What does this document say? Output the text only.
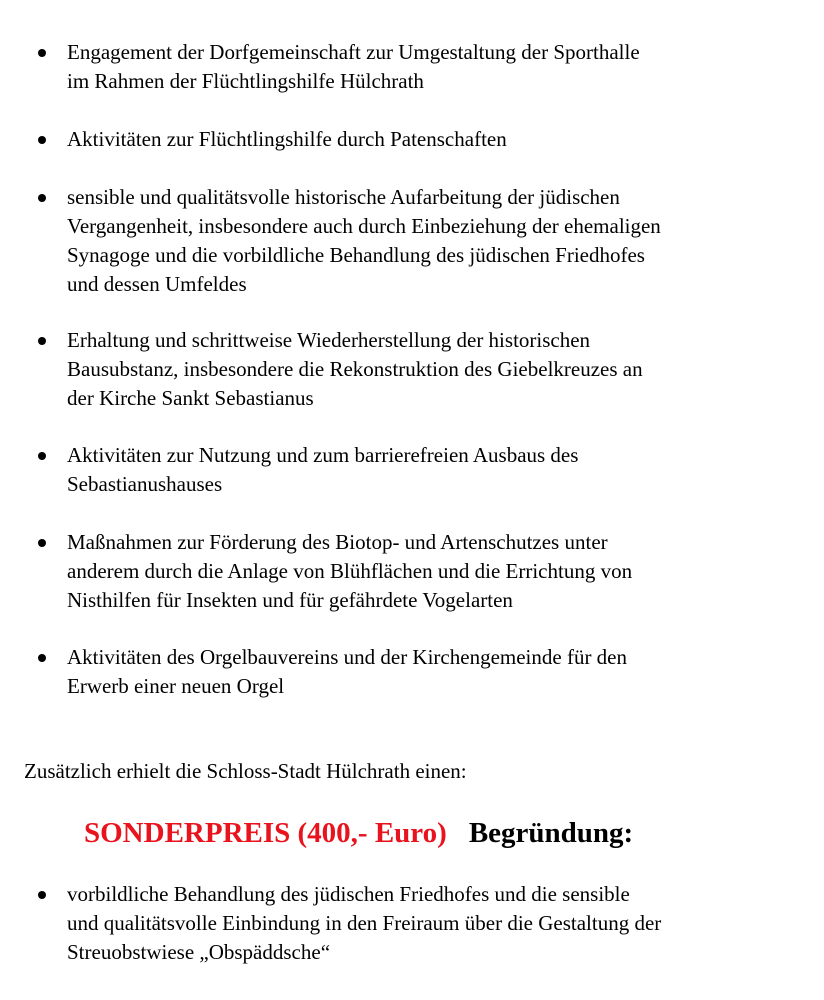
Engagement der Dorfgemeinschaft zur Umgestaltung der Sporthalle
im Rahmen der Flüchtlingshilfe Hülchrath
Aktivitäten zur Flüchtlingshilfe durch Patenschaften
sensible und qualitätsvolle historische Aufarbeitung der jüdischen
Vergangenheit, insbesondere auch durch Einbeziehung der ehemaligen
Synagoge und die vorbildliche Behandlung des jüdischen Friedhofes
und dessen Umfeldes
Erhaltung und schrittweise Wiederherstellung der historischen
Bausubstanz, insbesondere die Rekonstruktion des Giebelkreuzes an
der Kirche Sankt Sebastianus
Aktivitäten zur Nutzung und zum barrierefreien Ausbaus des
Sebastianushauses
Maßnahmen zur Förderung des Biotop- und Artenschutzes unter
anderem durch die Anlage von Blühflächen und die Errichtung von
Nisthilfen für Insekten und für gefährdete Vogelarten
Aktivitäten des Orgelbauvereins und der Kirchengemeinde für den
Erwerb einer neuen Orgel
Zusätzlich erhielt die Schloss-Stadt Hülchrath einen:
SONDERPREIS (400,- Euro) Begründung:
vorbildliche Behandlung des jüdischen Friedhofes und die sensible
und qualitätsvolle Einbindung in den Freiraum über die Gestaltung der
Streuobstwiese „Obspäddsche“
